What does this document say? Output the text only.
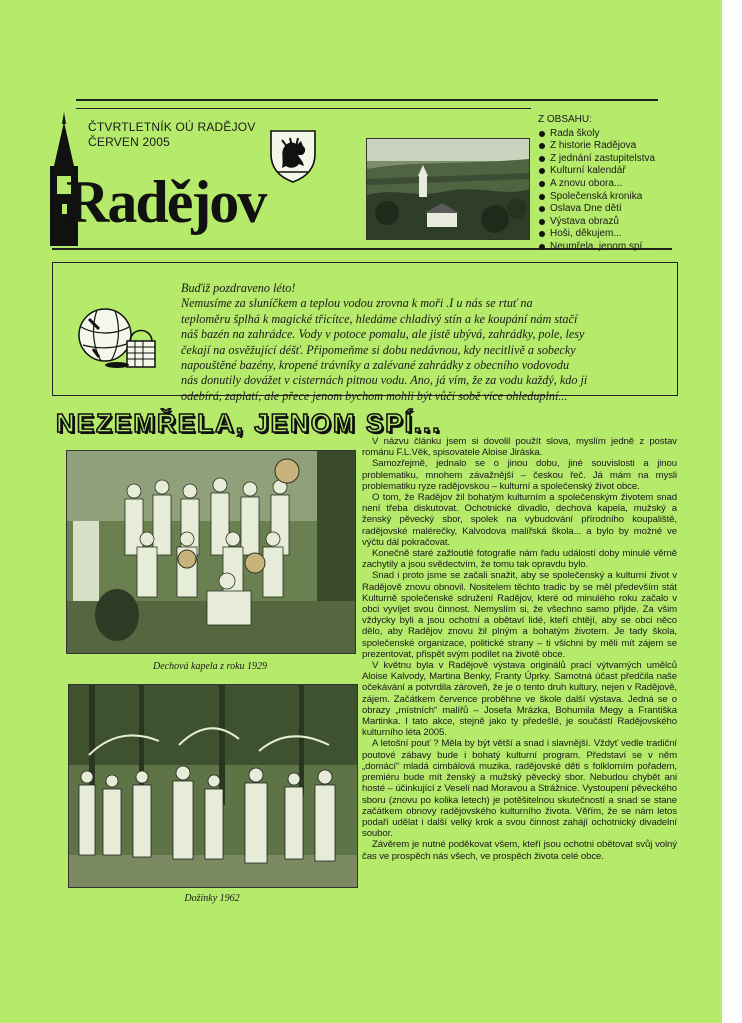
ČTVRTLETNÍK OÚ RADĚJOV
ČERVEN 2005
Radějov
Z OBSAHU:
Rada školy
Z historie Radějova
Z jednání zastupitelstva
Kulturní kalendář
A znovu obora...
Společenská kronika
Oslava Dne dětí
Výstava obrazů
Hoši, děkujem...
Neumřela, jenom spí...
Buďiž pozdraveno léto!
Nemusíme za sluníčkem a teplou vodou zrovna k moři .I u nás se rtuť na
teploměru šplhá k magické třicítce, hledáme chladivý stín a ke koupání nám stačí
náš bazén na zahrádce. Vody v potoce pomalu, ale jistě ubývá, zahrádky, pole, lesy
čekají na osvěžující déšť. Připomeňme si dobu nedávnou, kdy necitlivě a sobecky
napouštěné bazény, kropené trávníky a zalévané zahrádky z obecního vodovodu
nás donutily dovážet v cisternách pitnou vodu. Ano, já vím, že za vodu každý, kdo ji
odebírá, zaplatí, ale přece jenom bychom mohli být vůči sobě více ohleduplní...
NEZEMŘELA, JENOM SPÍ...
Dechová kapela z roku 1929
Dožínky 1962

V názvu článku jsem si dovolil použít slova, myslím jedně z postav románu F.L.Věk, spisovatele Aloise Jiráska.

Samozřejmě, jednalo se o jinou dobu, jiné souvislosti a jinou problematiku, mnohem závažnější – českou řeč. Já mám na mysli problematiku ryze radějovskou – kulturní a společenský život obce.

O tom, že Radějov žil bohatým kulturním a společenským životem snad není třeba diskutovat. Ochotnické divadlo, dechová kapela, mužský a ženský pěvecký sbor, spolek na vybudování přírodního koupaliště, radějovské malérečky, Kalvodova malířská škola... a bylo by možné ve výčtu dál pokračovat.

Konečně staré zažloutlé fotografie nám řadu událostí doby minulé věrně zachytily a jsou svědectvím, že tomu tak opravdu bylo.

Snad i proto jsme se začali snažit, aby se společenský a kulturní život v Radějově znovu obnovil. Nositelem těchto tradic by se měl především stát Kulturně společenské sdružení Radějov, které od minulého roku začalo v obci vyvíjet svou činnost. Nemyslím si, že všechno samo přijde. Za všim vždycky byli a jsou ochotní a obětaví lidé, kteří chtějí, aby se obci něco dělo, aby Radějov znovu žil plným a bohatým životem. Je tady škola, společenské organizace, politické strany – ti všichni by měli mít zájem se prezentovat, přispět svým podílet na životě obce.

V květnu byla v Radějově výstava originálů prací výtvarných umělců Aloise Kalvody, Martina Benky, Franty Úprky. Samotná účast předčila naše očekávání a potvrdila zároveň, že je o tento druh kultury, nejen v Radějově, zájem. Začátkem července proběhne ve škole další výstava. Jedná se o obrazy „místních“ malířů – Josefa Mrázka, Bohumila Megy a Františka Martinka. I tato akce, stejně jako ty předešlé, je součástí Radějovského kulturního léta 2005.

A letošní pouť ? Měla by být větší a snad i slavnější. Vždyť vedle tradiční poutové zábavy bude i bohatý kulturní program. Představí se v něm „domácí“ mladá cimbálová muzika, radějovské děti s folklorním pořadem, premiéru bude mít ženský a mužský pěvecký sbor. Nebudou chybět ani hosté – účinkující z Veselí nad Moravou a Strážnice. Vystoupení pěveckého sboru (znovu po kolika letech) je potěšitelnou skutečností a snad se stane začátkem obnovy radějovského kulturního života. Věřím, že se nám letos podaří udělat i další velký krok a svou činnost zahájí ochotnický divadelní soubor.

Závěrem je nutné poděkovat všem, kteří jsou ochotni obětovat svůj volný čas ve prospěch nás všech, ve prospěch života celé obce.
